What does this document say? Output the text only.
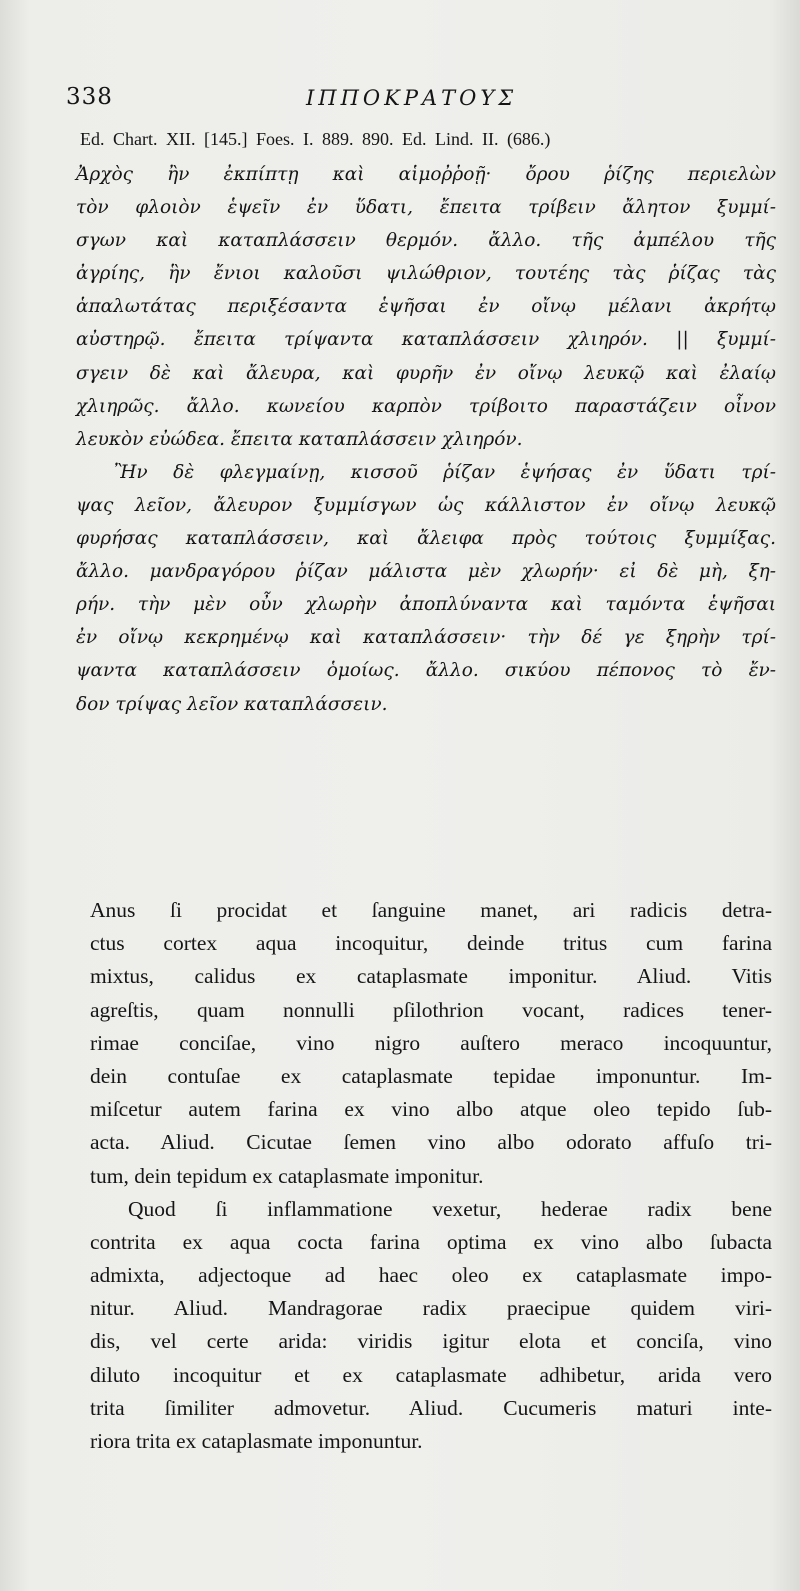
338	ΙΠΠΟΚΡΑΤΟΥΣ
Ed. Chart. XII. [145.] Foes. I. 889. 890. Ed. Lind. II. (686.)
Ἀρχὸς ἢν ἐκπίπτῃ καὶ αἱμοῤῥοῇ· ὄρου ῥίζης περιελὼν
τὸν φλοιὸν ἑψεῖν ἐν ὕδατι, ἔπειτα τρίβειν ἄλητον ξυμμί-
σγων καὶ καταπλάσσειν θερμόν. ἄλλο. τῆς ἀμπέλου τῆς
ἀγρίης, ἣν ἔνιοι καλοῦσι ψιλώθριον, τουτέης τὰς ῥίζας τὰς
ἁπαλωτάτας περιξέσαντα ἑψῆσαι ἐν οἴνῳ μέλανι ἀκρήτῳ
αὐστηρῷ. ἔπειτα τρίψαντα καταπλάσσειν χλιηρόν. || ξυμμί-
σγειν δὲ καὶ ἄλευρα, καὶ φυρῆν ἐν οἴνῳ λευκῷ καὶ ἐλαίῳ
χλιηρῶς. ἄλλο. κωνείου καρπὸν τρίβοιτο παραστάζειν οἶνον
λευκὸν εὐώδεα. ἔπειτα καταπλάσσειν χλιηρόν.
Ἢν δὲ φλεγμαίνῃ, κισσοῦ ῥίζαν ἑψήσας ἐν ὕδατι τρί-
ψας λεῖον, ἄλευρον ξυμμίσγων ὡς κάλλιστον ἐν οἴνῳ λευκῷ
φυρήσας καταπλάσσειν, καὶ ἄλειφα πρὸς τούτοις ξυμμίξας.
ἄλλο. μανδραγόρου ῥίζαν μάλιστα μὲν χλωρήν· εἰ δὲ μὴ, ξη-
ρήν. τὴν μὲν οὖν χλωρὴν ἀποπλύναντα καὶ ταμόντα ἑψῆσαι
ἐν οἴνῳ κεκρημένῳ καὶ καταπλάσσειν· τὴν δέ γε ξηρὴν τρί-
ψαντα καταπλάσσειν ὁμοίως. ἄλλο. σικύου πέπονος τὸ ἔν-
δον τρίψας λεῖον καταπλάσσειν.
Anus ſi procidat et ſanguine manet, ari radicis detra-
ctus cortex aqua incoquitur, deinde tritus cum farina
mixtus, calidus ex cataplasmate imponitur. Aliud. Vitis
agreſtis, quam nonnulli pſilothrion vocant, radices tener-
rimae conciſae, vino nigro auſtero meraco incoquuntur,
dein contuſae ex cataplasmate tepidae imponuntur. Im-
miſcetur autem farina ex vino albo atque oleo tepido ſub-
acta. Aliud. Cicutae ſemen vino albo odorato affuſo tri-
tum, dein tepidum ex cataplasmate imponitur.
Quod ſi inflammatione vexetur, hederae radix bene
contrita ex aqua cocta farina optima ex vino albo ſubacta
admixta, adjectoque ad haec oleo ex cataplasmate impo-
nitur. Aliud. Mandragorae radix praecipue quidem viri-
dis, vel certe arida: viridis igitur elota et conciſa, vino
diluto incoquitur et ex cataplasmate adhibetur, arida vero
trita ſimiliter admovetur. Aliud. Cucumeris maturi inte-
riora trita ex cataplasmate imponuntur.
